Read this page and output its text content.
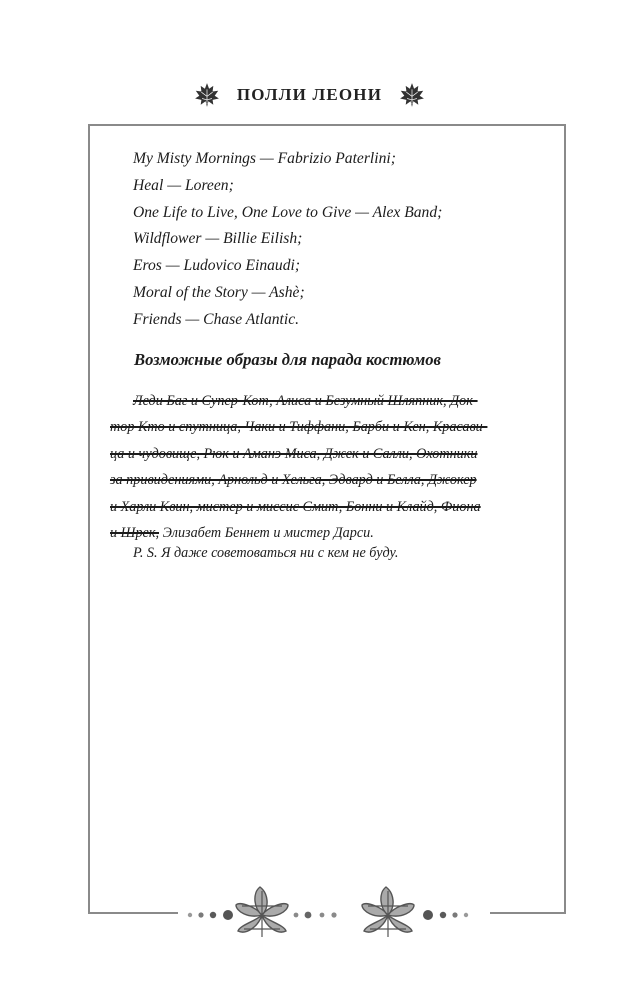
ПОЛЛИ ЛЕОНИ
My Misty Mornings — Fabrizio Paterlini;
Heal — Loreen;
One Life to Live, One Love to Give — Alex Band;
Wildflower — Billie Eilish;
Eros — Ludovico Einaudi;
Moral of the Story — Ashè;
Friends — Chase Atlantic.
Возможные образы для парада костюмов
Леди Баг и Супер-Кот, Алиса и Безумный Шляпник, Док-
тор Кто и спутница, Чаки и Тиффани, Барби и Кен, Красави-
ца и чудовище, Рюк и Аманэ Миса, Джек и Салли, Охотники
за привидениями, Арнольд и Хельга, Эдвард и Белла, Джокер
и Харли Квин, мистер и миссис Смит, Бонни и Клайд, Фиона
и Шрек, Элизабет Беннет и мистер Дарси.
P. S. Я даже советоваться ни с кем не буду.
